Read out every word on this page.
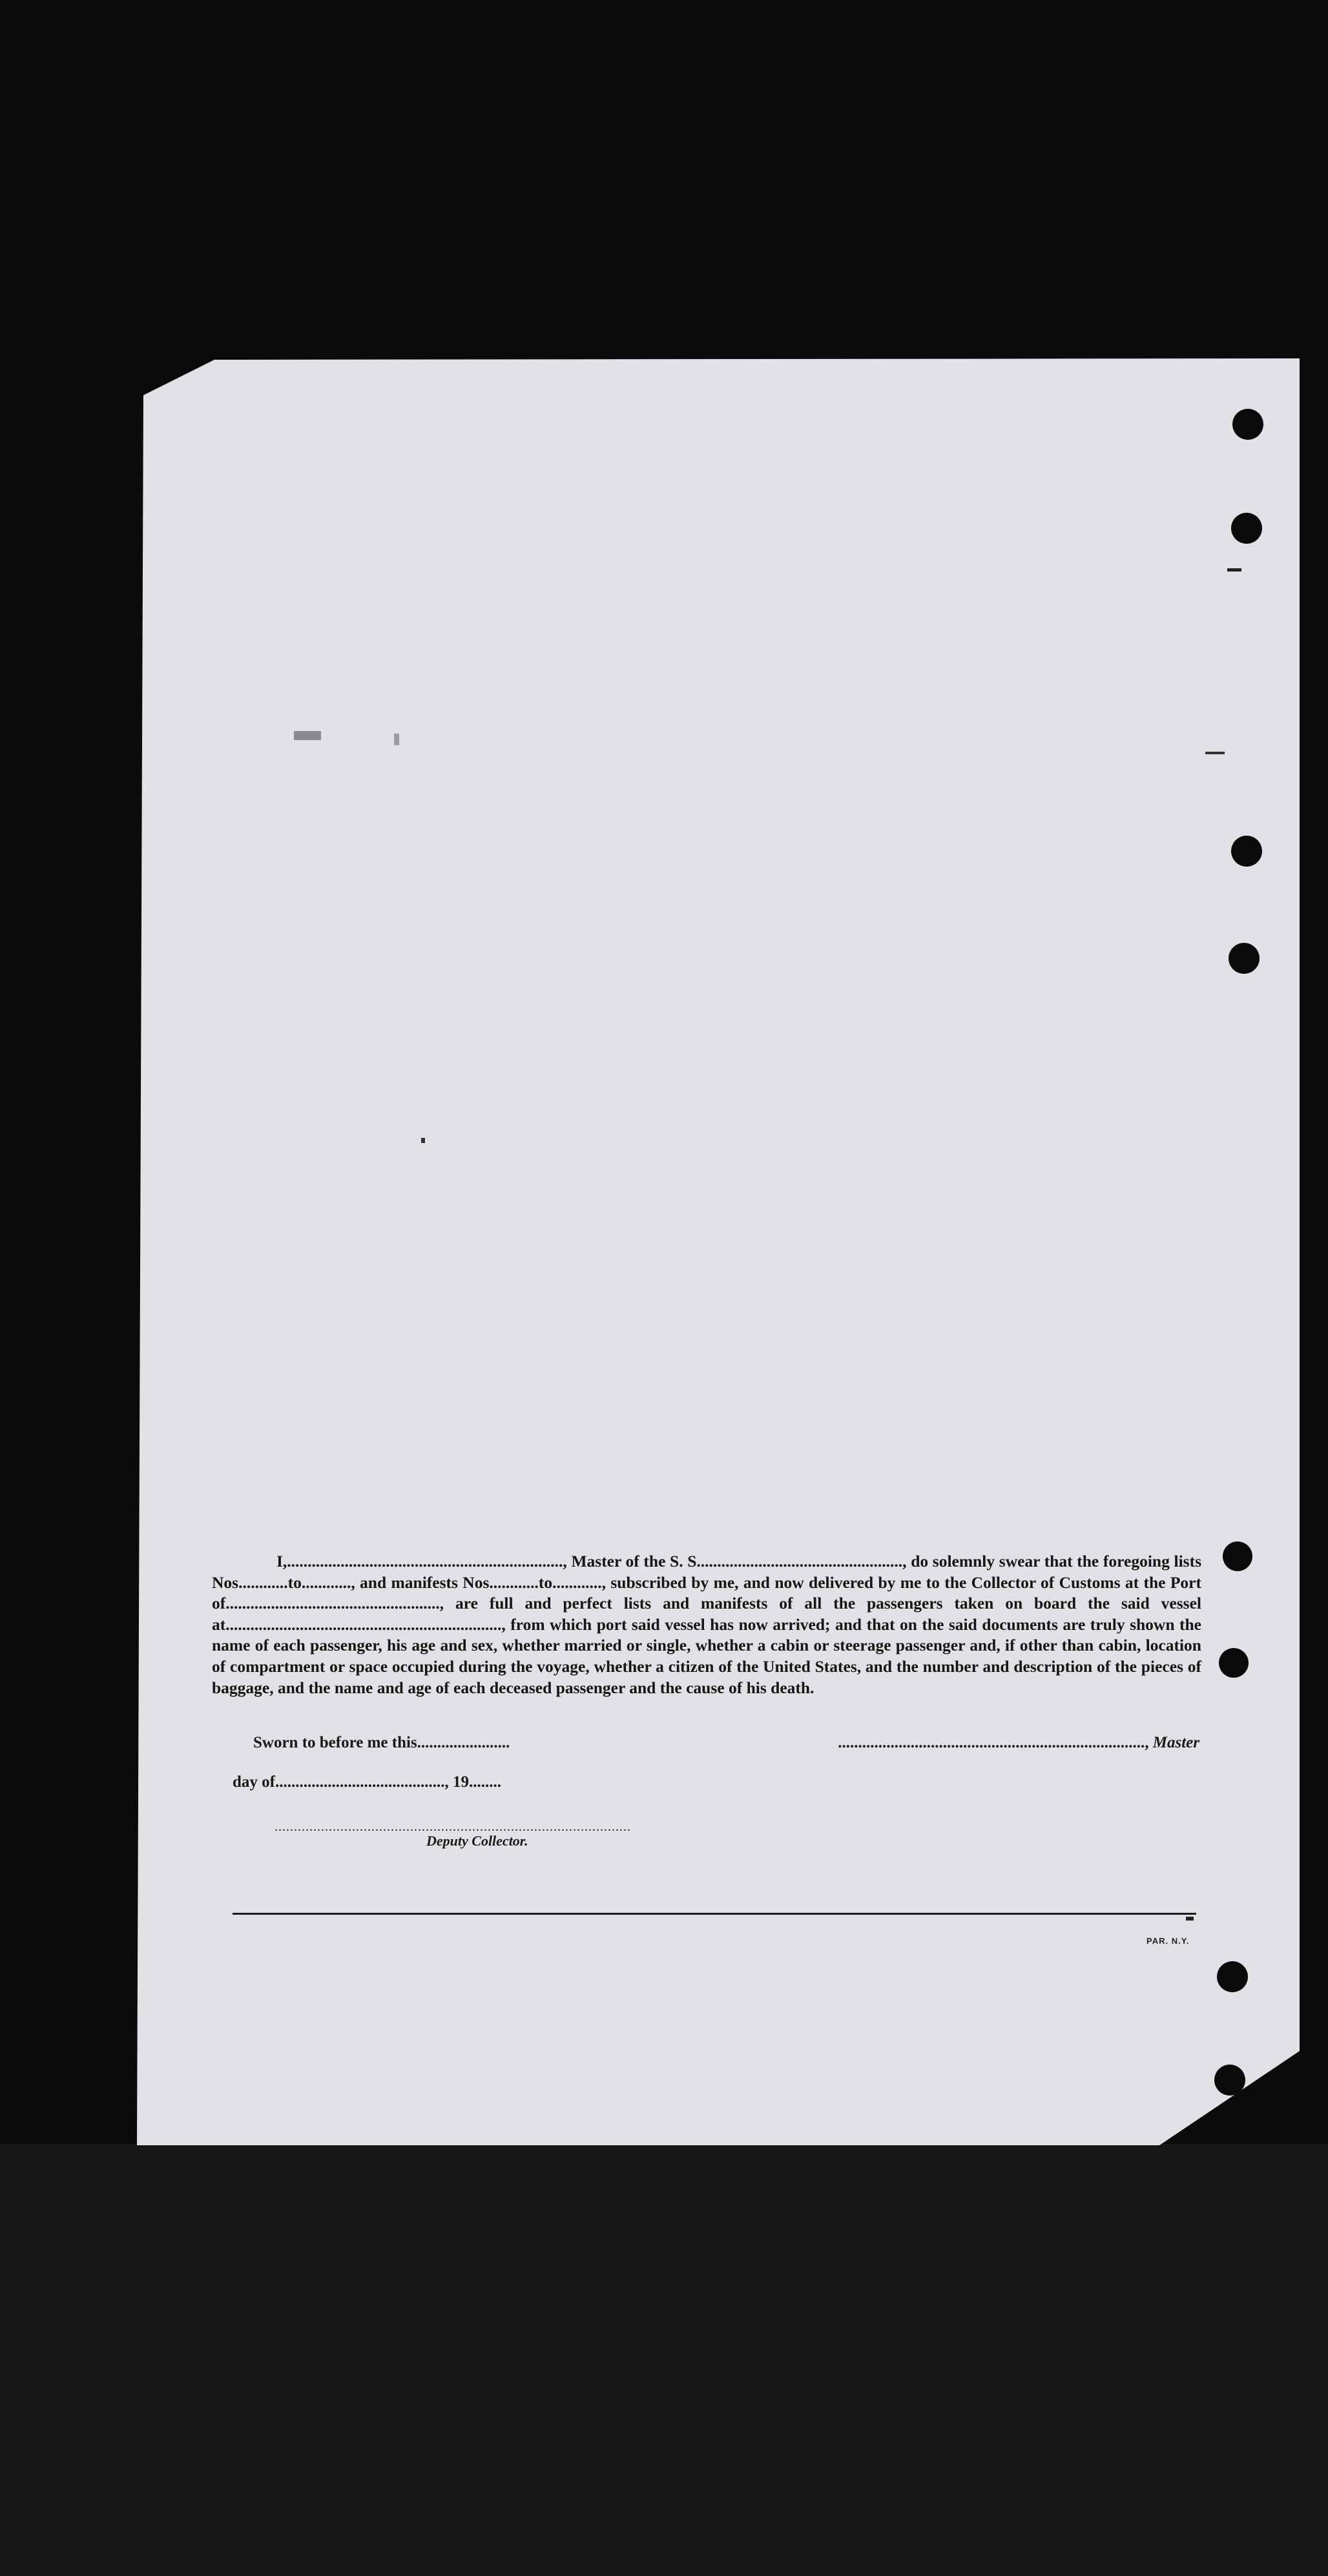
I,..................................................................., Master of the S. S.................................................., do solemnly swear that the foregoing lists Nos............to............, and manifests Nos............to............, subscribed by me, and now delivered by me to the Collector of Customs at the Port of...................................................., are full and perfect lists and manifests of all the passengers taken on board the said vessel at..................................................................., from which port said vessel has now arrived; and that on the said documents are truly shown the name of each passenger, his age and sex, whether married or single, whether a cabin or steerage passenger and, if other than cabin, location of compartment or space occupied during the voyage, whether a citizen of the United States, and the number and description of the pieces of baggage, and the name and age of each deceased passenger and the cause of his death.

Sworn to before me this.......................	............................................................................, Master
day of.........................................., 19........
............................................................................................
Deputy Collector.
PAR. N.Y.
